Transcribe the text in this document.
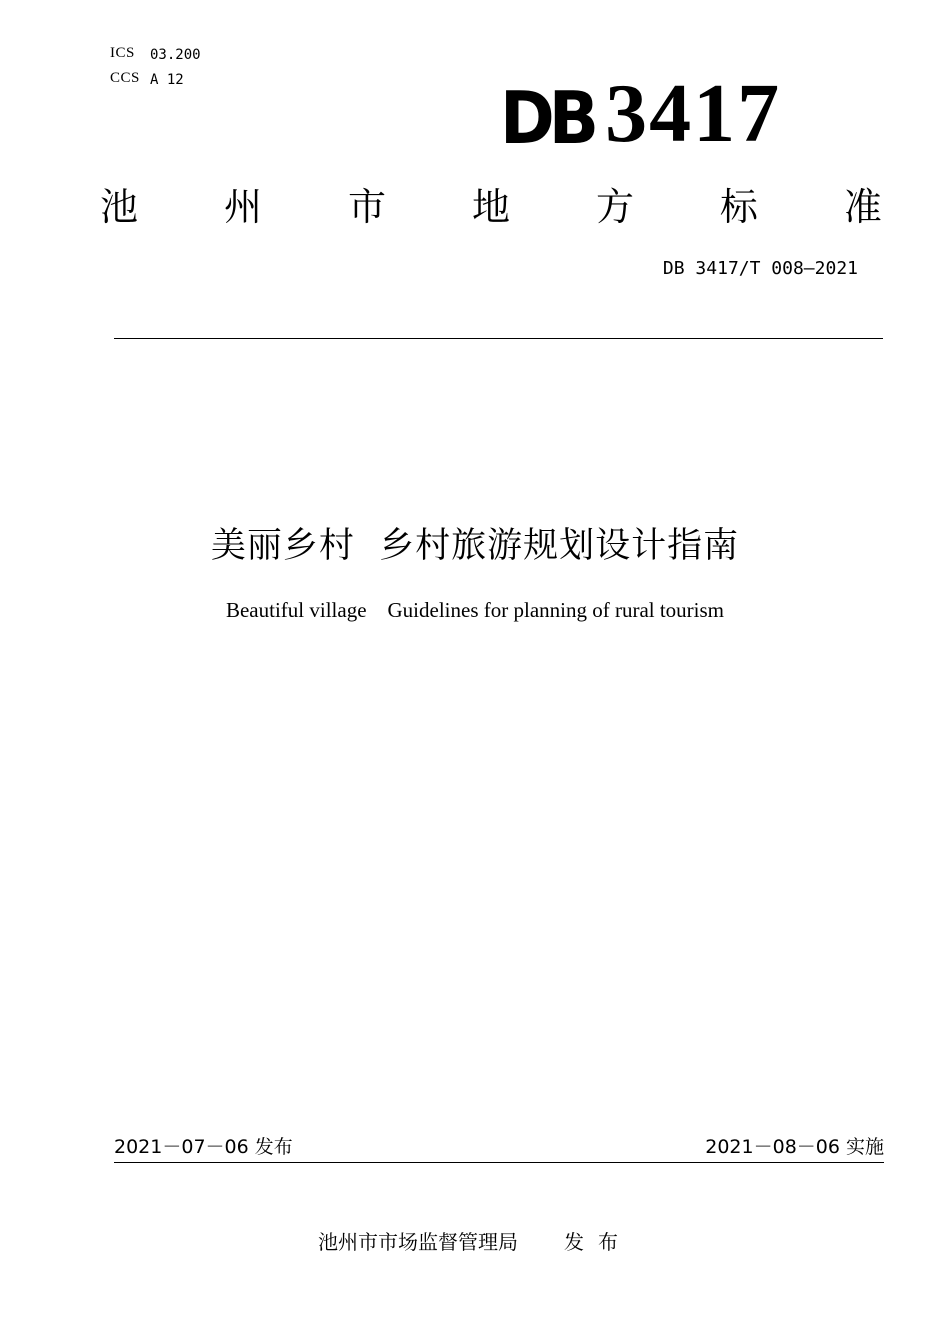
ICS 03.200
CCS A 12	DB 3417
池 州 市 地 方 标 准
DB 3417/T 008—2021
美丽乡村  乡村旅游规划设计指南
Beautiful village    Guidelines for planning of rural tourism
2021－07－06 发布	2021－08－06 实施
池州市市场监督管理局 发布
